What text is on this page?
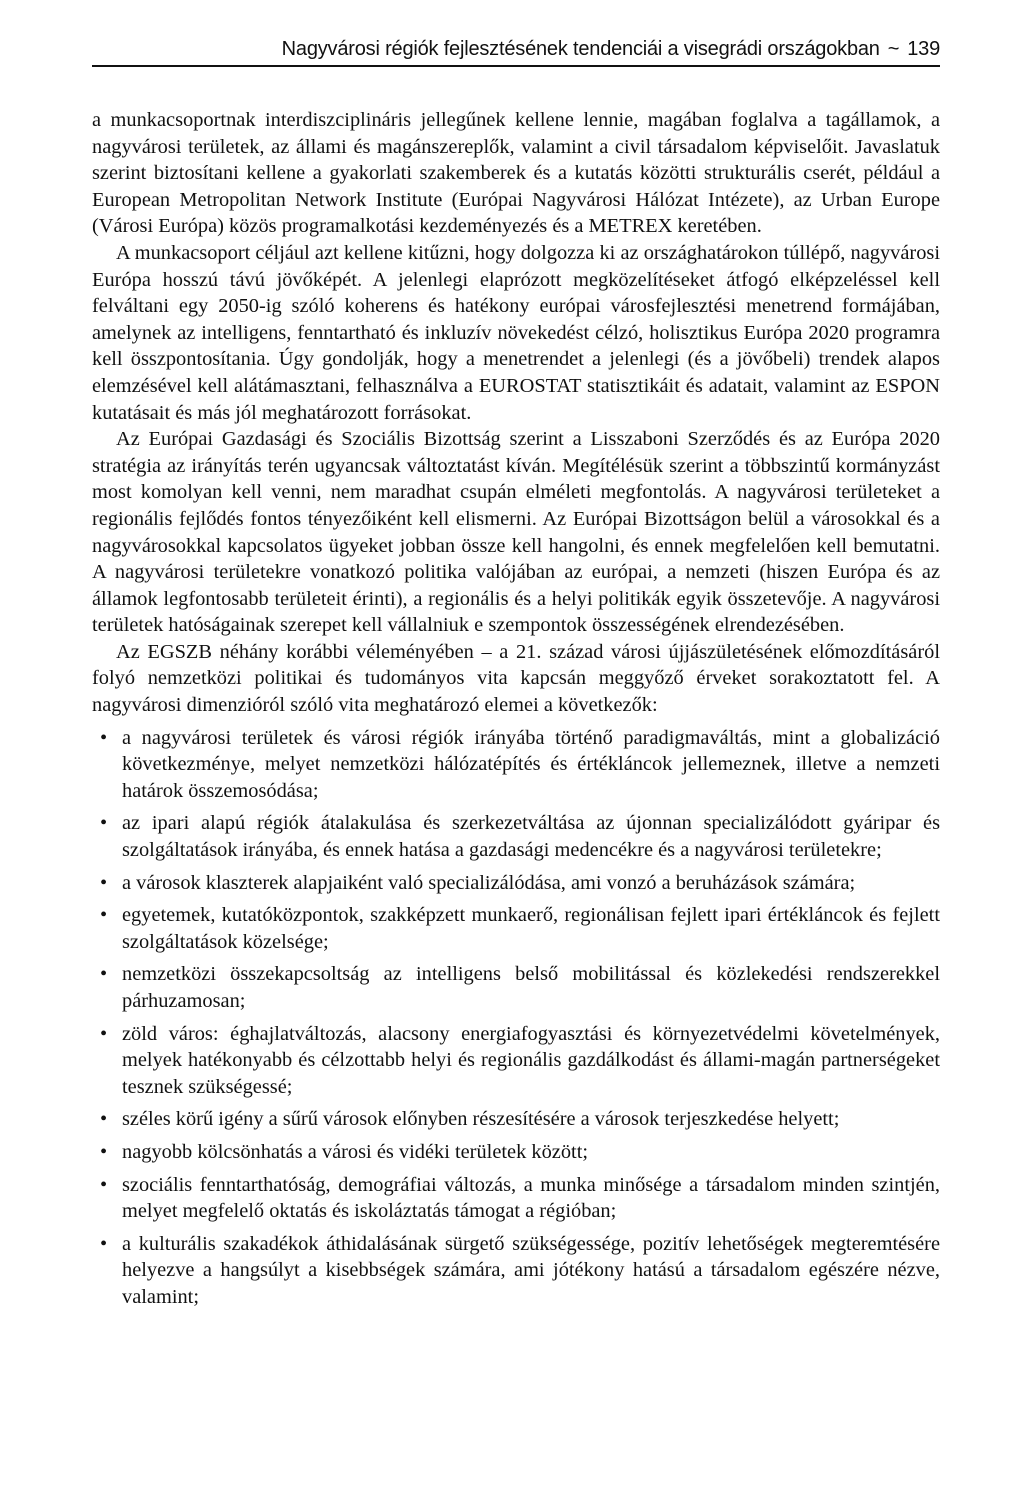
Nagyvárosi régiók fejlesztésének tendenciái a visegrádi országokban ~ 139

a munkacsoportnak interdiszciplináris jellegűnek kellene lennie, magában foglalva a tagállamok, a nagyvárosi területek, az állami és magánszereplők, valamint a civil társadalom képviselőit. Javaslatuk szerint biztosítani kellene a gyakorlati szakemberek és a kutatás közötti strukturális cserét, például a European Metropolitan Network Institute (Európai Nagyvárosi Hálózat Intézete), az Urban Europe (Városi Európa) közös programalkotási kezdeményezés és a METREX keretében.

A munkacsoport céljául azt kellene kitűzni, hogy dolgozza ki az országhatárokon túllépő, nagyvárosi Európa hosszú távú jövőképét. A jelenlegi elaprózott megközelítéseket átfogó elképzeléssel kell felváltani egy 2050-ig szóló koherens és hatékony európai városfejlesztési menetrend formájában, amelynek az intelligens, fenntartható és inkluzív növekedést célzó, holisztikus Európa 2020 programra kell összpontosítania. Úgy gondolják, hogy a menetrendet a jelenlegi (és a jövőbeli) trendek alapos elemzésével kell alátámasztani, felhasználva a EUROSTAT statisztikáit és adatait, valamint az ESPON kutatásait és más jól meghatározott forrásokat.

Az Európai Gazdasági és Szociális Bizottság szerint a Lisszaboni Szerződés és az Európa 2020 stratégia az irányítás terén ugyancsak változtatást kíván. Megítélésük szerint a többszintű kormányzást most komolyan kell venni, nem maradhat csupán elméleti megfontolás. A nagyvárosi területeket a regionális fejlődés fontos tényezőiként kell elismerni. Az Európai Bizottságon belül a városokkal és a nagyvárosokkal kapcsolatos ügyeket jobban össze kell hangolni, és ennek megfelelően kell bemutatni. A nagyvárosi területekre vonatkozó politika valójában az európai, a nemzeti (hiszen Európa és az államok legfontosabb területeit érinti), a regionális és a helyi politikák egyik összetevője. A nagyvárosi területek hatóságainak szerepet kell vállalniuk e szempontok összességének elrendezésében.

Az EGSZB néhány korábbi véleményében – a 21. század városi újjászületésének előmozdításáról folyó nemzetközi politikai és tudományos vita kapcsán meggyőző érveket sorakoztatott fel. A nagyvárosi dimenzióról szóló vita meghatározó elemei a következők:

• a nagyvárosi területek és városi régiók irányába történő paradigmaváltás, mint a globalizáció következménye, melyet nemzetközi hálózatépítés és értékláncok jellemeznek, illetve a nemzeti határok összemosódása;
• az ipari alapú régiók átalakulása és szerkezetváltása az újonnan specializálódott gyáripar és szolgáltatások irányába, és ennek hatása a gazdasági medencékre és a nagyvárosi területekre;
• a városok klaszterek alapjaiként való specializálódása, ami vonzó a beruházások számára;
• egyetemek, kutatóközpontok, szakképzett munkaerő, regionálisan fejlett ipari értékláncok és fejlett szolgáltatások közelsége;
• nemzetközi összekapcsoltság az intelligens belső mobilitással és közlekedési rendszerekkel párhuzamosan;
• zöld város: éghajlatváltozás, alacsony energiafogyasztási és környezetvédelmi követelmények, melyek hatékonyabb és célzottabb helyi és regionális gazdálkodást és állami-magán partnerségeket tesznek szükségessé;
• széles körű igény a sűrű városok előnyben részesítésére a városok terjeszkedése helyett;
• nagyobb kölcsönhatás a városi és vidéki területek között;
• szociális fenntarthatóság, demográfiai változás, a munka minősége a társadalom minden szintjén, melyet megfelelő oktatás és iskoláztatás támogat a régióban;
• a kulturális szakadékok áthidalásának sürgető szükségessége, pozitív lehetőségek megteremtésére helyezve a hangsúlyt a kisebbségek számára, ami jótékony hatású a társadalom egészére nézve, valamint;
